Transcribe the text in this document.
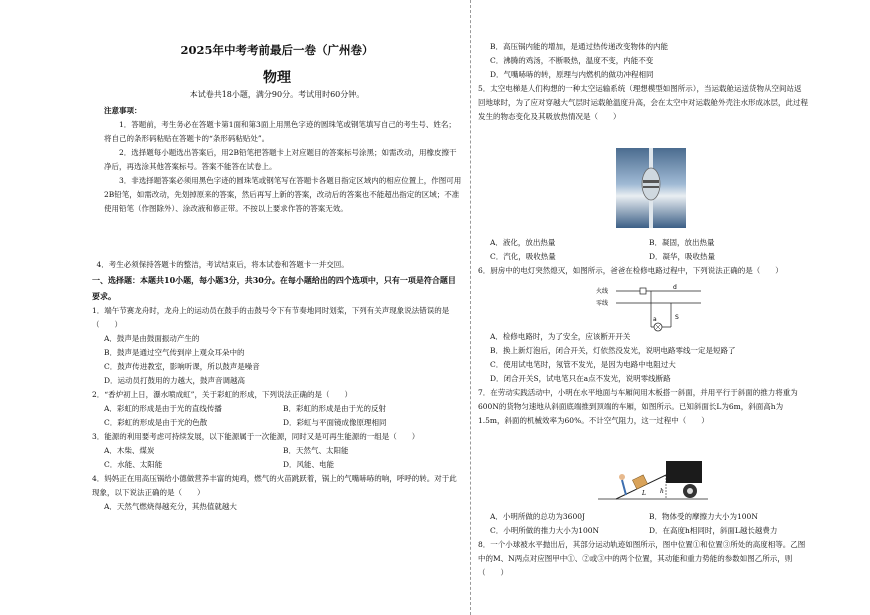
2025年中考考前最后一卷（广州卷）

物理

本试卷共18小题，满分90分。考试用时60分钟。

注意事项：

1．答题前，考生务必在答题卡第1面和第3面上用黑色字迹的圆珠笔或钢笔填写自己的考生号、姓名；将自己的条形码粘贴在答题卡的“条形码粘贴处”。

2．选择题每小题选出答案后，用2B铅笔把答题卡上对应题目的答案标号涂黑；如需改动，用橡皮擦干净后，再选涂其他答案标号。答案不能答在试卷上。

3．非选择题答案必须用黑色字迹的圆珠笔或钢笔写在答题卡各题目指定区域内的相应位置上，作图可用2B铅笔，如需改动，先划掉原来的答案，然后再写上新的答案，改动后的答案也不能超出指定的区域；不准使用铅笔（作图除外）、涂改液和修正带。不按以上要求作答的答案无效。

4．考生必须保持答题卡的整洁，考试结束后，将本试卷和答题卡一并交回。

一、选择题：本题共10小题，每小题3分，共30分。在每小题给出的四个选项中，只有一项是符合题目要求。

1．端午节赛龙舟时，龙舟上的运动员在鼓手的击鼓号令下有节奏地同时划桨，下列有关声现象说法错误的是（　　）

A．鼓声是由鼓面振动产生的

B．鼓声是通过空气传到岸上观众耳朵中的

C．鼓声传进教室，影响听课，所以鼓声是噪音

D．运动员打鼓用的力越大，鼓声音调越高

2．“香炉初上日，瀑水喷成虹”，关于彩虹的形成，下列说法正确的是（　　）

A．彩虹的形成是由于光的直线传播	B．彩虹的形成是由于光的反射
C．彩虹的形成是由于光的色散	D．彩虹与平面镜成像原理相同

3．能源的利用要考虑可持续发展，以下能源属于一次能源，同时又是可再生能源的一组是（　　）

A．木柴、煤炭	B．天然气、太阳能
C．水能、太阳能	D．风能、电能

4．妈妈正在用高压锅给小德做营养丰富的炖鸡，燃气的火苗跳跃着，锅上的气嘴哧哧的响，呼呼的转。对于此现象，以下说法正确的是（　　）

A．天然气燃烧得越充分，其热值就越大

B．高压锅内能的增加，是通过热传递改变物体的内能

C．沸腾的鸡汤，不断吸热，温度不变，内能不变

D．气嘴哧哧的转，原理与内燃机的做功冲程相同

5．太空电梯是人们构想的一种太空运输系统（理想模型如图所示），当运载舱运送货物从空间站返回地球时，为了应对穿越大气层时运载舱温度升高，会在太空中对运载舱外壳注水形成冰层，此过程发生的物态变化及其吸放热情况是（　　）

A．液化，放出热量	B．凝固，放出热量
C．汽化，吸收热量	D．凝华，吸收热量

6．厨房中的电灯突然熄灭，如图所示，爸爸在检修电路过程中，下列说法正确的是（　　）

火线
零线
a
d
S

A．检修电路时，为了安全，应该断开开关

B．换上新灯泡后，闭合开关，灯依然没发光，说明电路零线一定是短路了

C．使用试电笔时，氖管不发光，是因为电路中电阻过大

D．闭合开关S，试电笔只在a点不发光，说明零线断路

7．在劳动实践活动中，小明在水平地面与车厢间用木板搭一斜面，并用平行于斜面的推力将重为600N的货物匀速地从斜面底端推到顶端的车厢，如图所示。已知斜面长L为6m，斜面高h为1.5m，斜面的机械效率为60%。不计空气阻力，这一过程中（　　）

L h
A．小明所做的总功为3600J	B．物体受的摩擦力大小为100N
C．小明所做的推力大小为100N	D．在高度h相同时，斜面L越长越费力

8．一个小球被水平抛出后，其部分运动轨迹如图所示，图中位置①和位置③所处的高度相等。乙图中的M、N两点对应图甲中①、②或③中的两个位置，其动能和重力势能的参数如图乙所示，则（　　）
